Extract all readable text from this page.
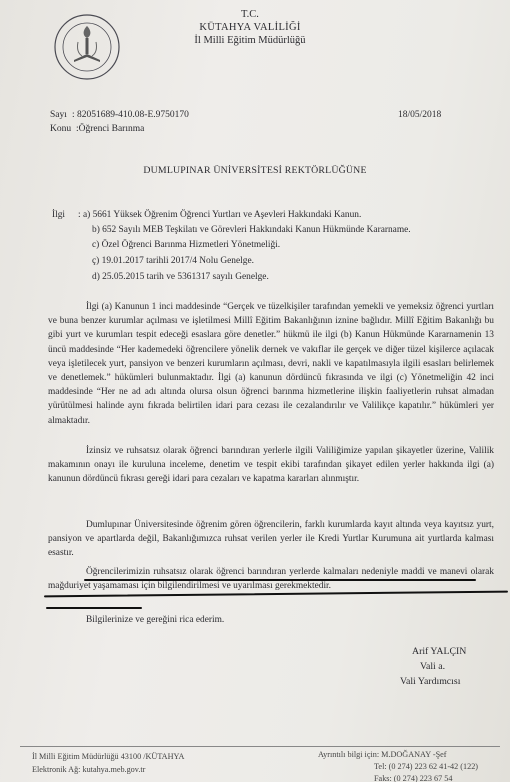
T.C.
KÜTAHYA VALİLİĞİ
İl Milli Eğitim Müdürlüğü
Sayı : 82051689-410.08-E.9750170	18/05/2018
Konu :Öğrenci Barınma
DUMLUPINAR ÜNİVERSİTESİ REKTÖRLÜĞÜNE
İlgi : a) 5661 Yüksek Öğrenim Öğrenci Yurtları ve Aşevleri Hakkındaki Kanun.
b) 652 Sayılı MEB Teşkilatı ve Görevleri Hakkındaki Kanun Hükmünde Kararname.
c) Özel Öğrenci Barınma Hizmetleri Yönetmeliği.
ç) 19.01.2017 tarihli 2017/4 Nolu Genelge.
d) 25.05.2015 tarih ve 5361317 sayılı Genelge.
İlgi (a) Kanunun 1 inci maddesinde “Gerçek ve tüzelkişiler tarafından yemekli ve yemeksiz öğrenci yurtları ve buna benzer kurumlar açılması ve işletilmesi Millî Eğitim Bakanlığının iznine bağlıdır. Millî Eğitim Bakanlığı bu gibi yurt ve kurumları tespit edeceği esaslara göre denetler.” hükmü ile ilgi (b) Kanun Hükmünde Kararnamenin 13 üncü maddesinde “Her kademedeki öğrencilere yönelik dernek ve vakıflar ile gerçek ve diğer tüzel kişilerce açılacak veya işletilecek yurt, pansiyon ve benzeri kurumların açılması, devri, nakli ve kapatılmasıyla ilgili esasları belirlemek ve denetlemek.” hükümleri bulunmaktadır. İlgi (a) kanunun dördüncü fıkrasında ve ilgi (c) Yönetmeliğin 42 inci maddesinde “Her ne ad adı altında olursa olsun öğrenci barınma hizmetlerine ilişkin faaliyetlerin ruhsat almadan yürütülmesi halinde aynı fıkrada belirtilen idari para cezası ile cezalandırılır ve Valilikçe kapatılır.” hükümleri yer almaktadır.
İzinsiz ve ruhsatsız olarak öğrenci barındıran yerlerle ilgili Valiliğimize yapılan şikayetler üzerine, Valilik makamının onayı ile kuruluna inceleme, denetim ve tespit ekibi tarafından şikayet edilen yerler hakkında ilgi (a) kanunun dördüncü fıkrası gereği idari para cezaları ve kapatma kararları alınmıştır.
Dumlupınar Üniversitesinde öğrenim gören öğrencilerin, farklı kurumlarda kayıt altında veya kayıtsız yurt, pansiyon ve apartlarda değil, Bakanlığımızca ruhsat verilen yerler ile Kredi Yurtlar Kurumuna ait yurtlarda kalması esastır.
Öğrencilerimizin ruhsatsız olarak öğrenci barındıran yerlerde kalmaları nedeniyle maddi ve manevi olarak mağduriyet yaşamaması için bilgilendirilmesi ve uyarılması gerekmektedir.
Bilgilerinize ve gereğini rica ederim.
Arif YALÇIN
Vali a.
Vali Yardımcısı
İl Milli Eğitim Müdürlüğü 43100 /KÜTAHYA
Elektronik Ağ: kutahya.meb.gov.tr
Ayrıntılı bilgi için: M.DOĞANAY -Şef
Tel: (0 274) 223 62 41-42 (122)
Faks: (0 274) 223 67 54
